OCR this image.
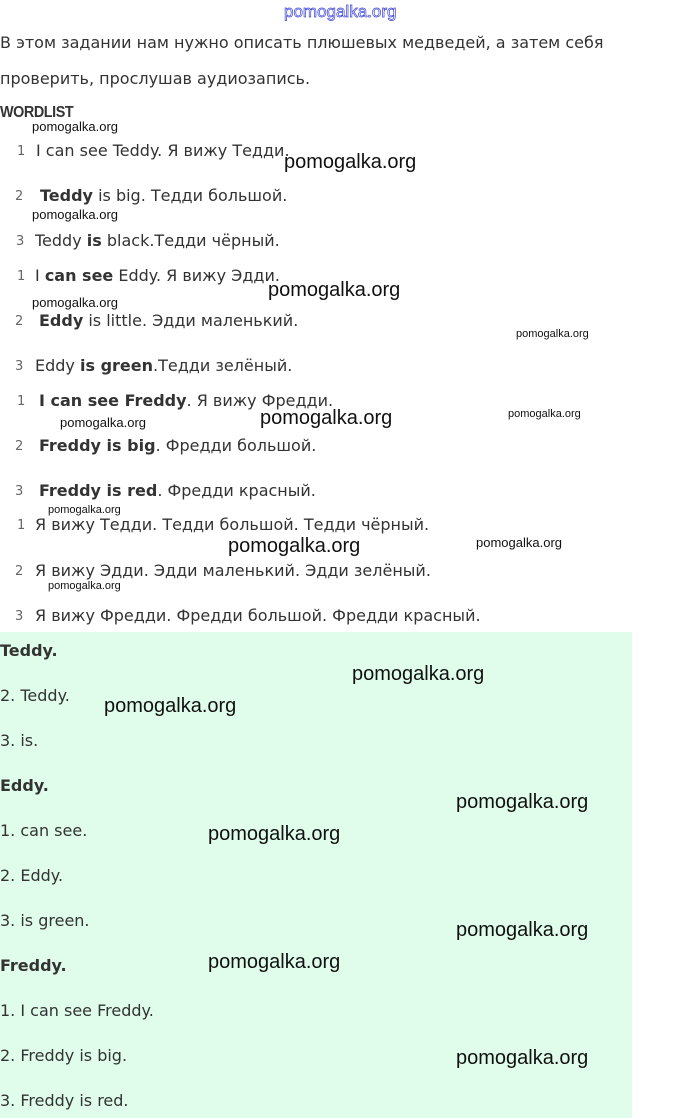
pomogalka.org
В этом задании нам нужно описать плюшевых медведей, а затем себя
проверить, прослушав аудиозапись.
WORDLIST
1 I can see Teddy. Я вижу Тедди.
2 Teddy is big. Тедди большой.
3 Teddy is black.Тедди чёрный.
1 I can see Eddy. Я вижу Эдди.
2 Eddy is little. Эдди маленький.
3 Eddy is green.Тедди зелёный.
1 I can see Freddy. Я вижу Фредди.
2 Freddy is big. Фредди большой.
3 Freddy is red. Фредди красный.
1 Я вижу Тедди. Тедди большой. Тедди чёрный.
2 Я вижу Эдди. Эдди маленький. Эдди зелёный.
3 Я вижу Фредди. Фредди большой. Фредди красный.
Teddy.
2. Teddy.
3. is.
Eddy.
1. can see.
2. Eddy.
3. is green.
Freddy.
1. I can see Freddy.
2. Freddy is big.
3. Freddy is red.
pomogalka.org
pomogalka.org
pomogalka.org
pomogalka.org
pomogalka.org
pomogalka.org
pomogalka.org	pomogalka.org
pomogalka.org
pomogalka.org
pomogalka.org	pomogalka.org
pomogalka.org
pomogalka.org
pomogalka.org
pomogalka.org
pomogalka.org
pomogalka.org
pomogalka.org
pomogalka.org
